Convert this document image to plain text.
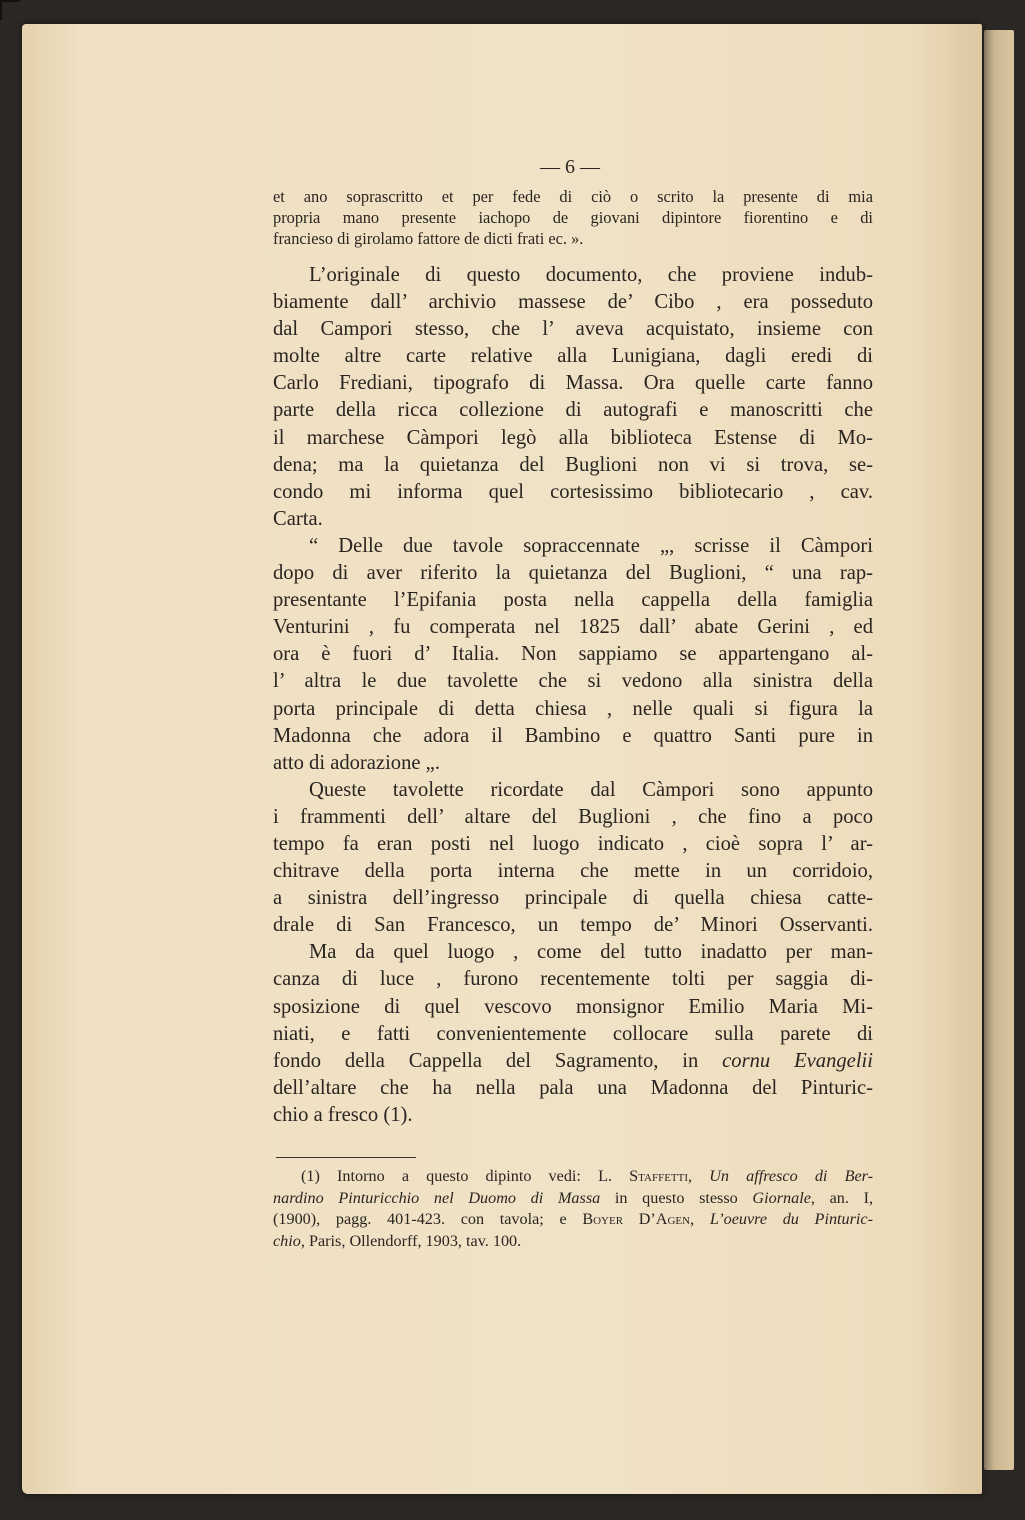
— 6 —
et ano soprascritto et per fede di ciò o scrito la presente di mia
propria mano presente iachopo de giovani dipintore fiorentino e di
francieso di girolamo fattore de dicti frati ec. ».
L’originale di questo documento, che proviene indub-
biamente dall’ archivio massese de’ Cibo , era posseduto
dal Campori stesso, che l’ aveva acquistato, insieme con
molte altre carte relative alla Lunigiana, dagli eredi di
Carlo Frediani, tipografo di Massa. Ora quelle carte fanno
parte della ricca collezione di autografi e manoscritti che
il marchese Càmpori legò alla biblioteca Estense di Mo-
dena; ma la quietanza del Buglioni non vi si trova, se-
condo mi informa quel cortesissimo bibliotecario , cav.
Carta.
“ Delle due tavole sopraccennate „, scrisse il Càmpori
dopo di aver riferito la quietanza del Buglioni, “ una rap-
presentante l’Epifania posta nella cappella della famiglia
Venturini , fu comperata nel 1825 dall’ abate Gerini , ed
ora è fuori d’ Italia. Non sappiamo se appartengano al-
l’ altra le due tavolette che si vedono alla sinistra della
porta principale di detta chiesa , nelle quali si figura la
Madonna che adora il Bambino e quattro Santi pure in
atto di adorazione „.
Queste tavolette ricordate dal Càmpori sono appunto
i frammenti dell’ altare del Buglioni , che fino a poco
tempo fa eran posti nel luogo indicato , cioè sopra l’ ar-
chitrave della porta interna che mette in un corridoio,
a sinistra dell’ingresso principale di quella chiesa catte-
drale di San Francesco, un tempo de’ Minori Osservanti.
Ma da quel luogo , come del tutto inadatto per man-
canza di luce , furono recentemente tolti per saggia di-
sposizione di quel vescovo monsignor Emilio Maria Mi-
niati, e fatti convenientemente collocare sulla parete di
fondo della Cappella del Sagramento, in cornu Evangelii
dell’altare che ha nella pala una Madonna del Pinturic-
chio a fresco (1).
(1) Intorno a questo dipinto vedi: L. Staffetti, Un affresco di Ber-
nardino Pinturicchio nel Duomo di Massa in questo stesso Giornale, an. I,
(1900), pagg. 401-423. con tavola; e Boyer D’Agen, L’oeuvre du Pinturic-
chio, Paris, Ollendorff, 1903, tav. 100.
